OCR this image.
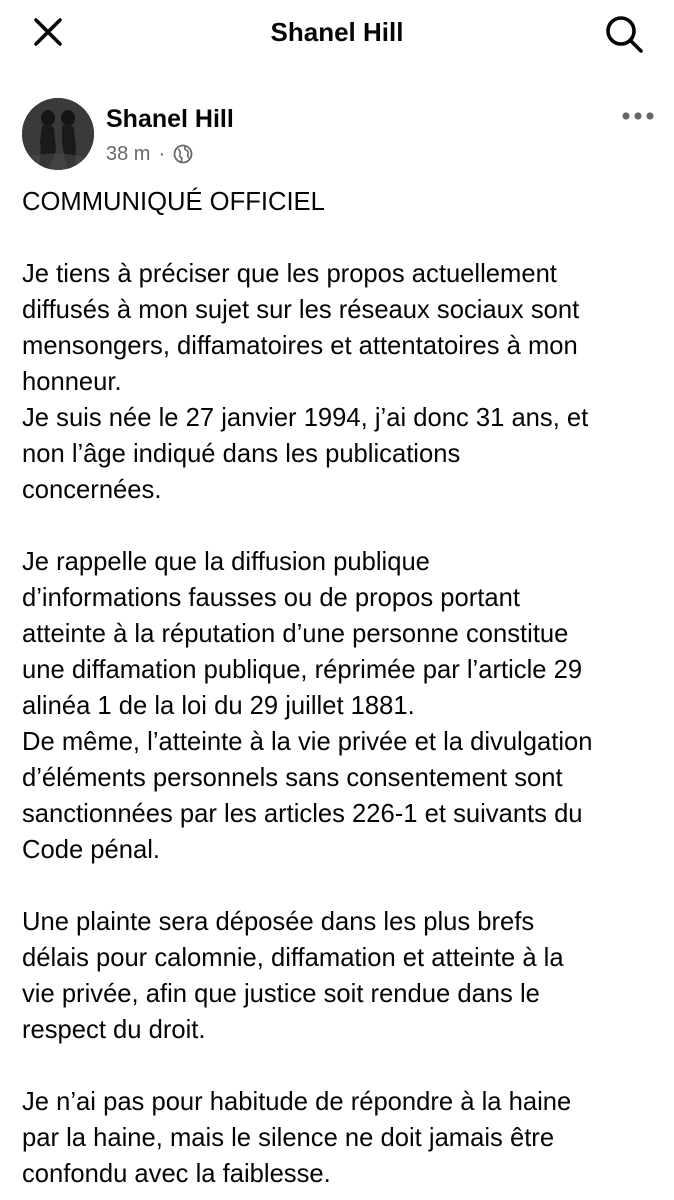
Shanel Hill
Shanel Hill
38 m ·

COMMUNIQUÉ OFFICIEL

Je tiens à préciser que les propos actuellement
diffusés à mon sujet sur les réseaux sociaux sont
mensongers, diffamatoires et attentatoires à mon
honneur.
Je suis née le 27 janvier 1994, j’ai donc 31 ans, et
non l’âge indiqué dans les publications
concernées.

Je rappelle que la diffusion publique
d’informations fausses ou de propos portant
atteinte à la réputation d’une personne constitue
une diffamation publique, réprimée par l’article 29
alinéa 1 de la loi du 29 juillet 1881.
De même, l’atteinte à la vie privée et la divulgation
d’éléments personnels sans consentement sont
sanctionnées par les articles 226-1 et suivants du
Code pénal.

Une plainte sera déposée dans les plus brefs
délais pour calomnie, diffamation et atteinte à la
vie privée, afin que justice soit rendue dans le
respect du droit.

Je n’ai pas pour habitude de répondre à la haine
par la haine, mais le silence ne doit jamais être
confondu avec la faiblesse.
